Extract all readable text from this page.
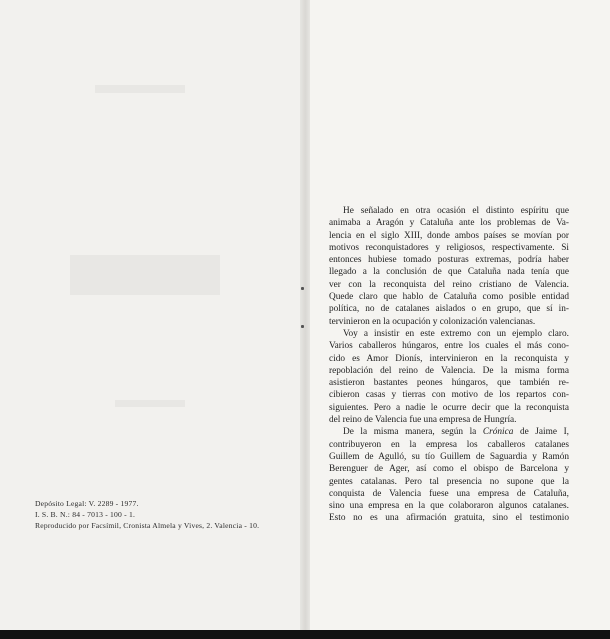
Depósito Legal: V. 2289 - 1977.
I. S. B. N.: 84 - 7013 - 100 - 1.
Reproducido por Facsímil, Cronista Almela y Vives, 2. Valencia - 10.
He señalado en otra ocasión el distinto espíritu que
animaba a Aragón y Cataluña ante los problemas de Va-
lencia en el siglo XIII, donde ambos países se movían por
motivos reconquistadores y religiosos, respectivamente. Si
entonces hubiese tomado posturas extremas, podría haber
llegado a la conclusión de que Cataluña nada tenía que
ver con la reconquista del reino cristiano de Valencia.
Quede claro que hablo de Cataluña como posible entidad
política, no de catalanes aislados o en grupo, que sí in-
tervinieron en la ocupación y colonización valencianas.
Voy a insistir en este extremo con un ejemplo claro.
Varios caballeros húngaros, entre los cuales el más cono-
cido es Amor Dionís, intervinieron en la reconquista y
repoblación del reino de Valencia. De la misma forma
asistieron bastantes peones húngaros, que también re-
cibieron casas y tierras con motivo de los repartos con-
siguientes. Pero a nadie le ocurre decir que la reconquista
del reino de Valencia fue una empresa de Hungría.
De la misma manera, según la Crónica de Jaime I,
contribuyeron en la empresa los caballeros catalanes
Guillem de Agulló, su tío Guillem de Saguardia y Ramón
Berenguer de Ager, así como el obispo de Barcelona y
gentes catalanas. Pero tal presencia no supone que la
conquista de Valencia fuese una empresa de Cataluña,
sino una empresa en la que colaboraron algunos catalanes.
Esto no es una afirmación gratuita, sino el testimonio
